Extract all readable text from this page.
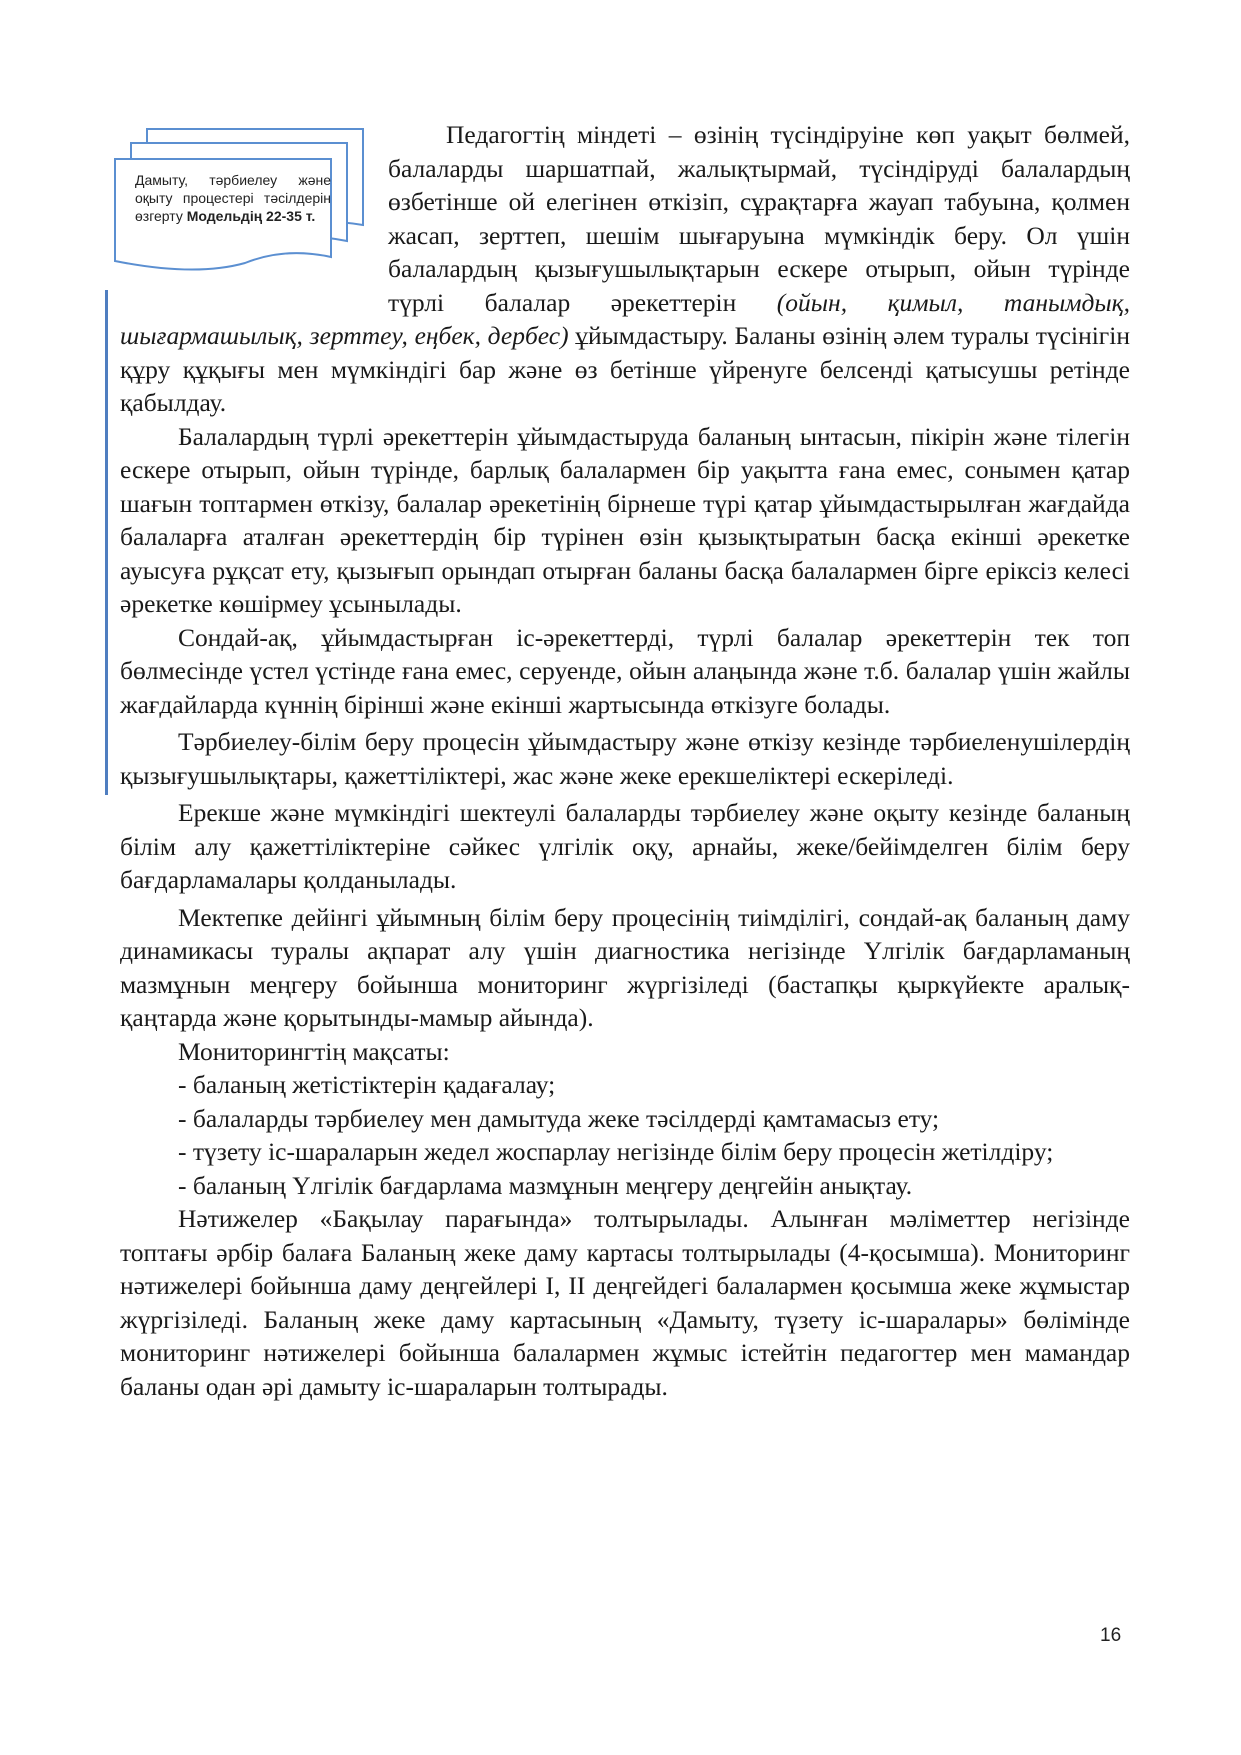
Дамыту, тәрбиелеу және оқыту процестері тәсілдерін өзгерту Модельдің 22-35 т.

Педагогтің міндеті – өзінің түсіндіруіне көп уақыт бөлмей, балаларды шаршатпай, жалықтырмай, түсіндіруді балалардың өзбетінше ой елегінен өткізіп, сұрақтарға жауап табуына, қолмен жасап, зерттеп, шешім шығаруына мүмкіндік беру. Ол үшін балалардың қызығушылықтарын ескере отырып, ойын түрінде түрлі балалар әрекеттерін (ойын, қимыл, танымдық, шығармашылық, зерттеу, еңбек, дербес) ұйымдастыру. Баланы өзінің әлем туралы түсінігін құру құқығы мен мүмкіндігі бар және өз бетінше үйренуге белсенді қатысушы ретінде қабылдау.

Балалардың түрлі әрекеттерін ұйымдастыруда баланың ынтасын, пікірін және тілегін ескере отырып, ойын түрінде, барлық балалармен бір уақытта ғана емес, сонымен қатар шағын топтармен өткізу, балалар әрекетінің бірнеше түрі қатар ұйымдастырылған жағдайда балаларға аталған әрекеттердің бір түрінен өзін қызықтыратын басқа екінші әрекетке ауысуға рұқсат ету, қызығып орындап отырған баланы басқа балалармен бірге еріксіз келесі әрекетке көшірмеу ұсынылады.

Сондай-ақ, ұйымдастырған іс-әрекеттерді, түрлі балалар әрекеттерін тек топ бөлмесінде үстел үстінде ғана емес, серуенде, ойын алаңында және т.б. балалар үшін жайлы жағдайларда күннің бірінші және екінші жартысында өткізуге болады.

Тәрбиелеу-білім беру процесін ұйымдастыру және өткізу кезінде тәрбиеленушілердің қызығушылықтары, қажеттіліктері, жас және жеке ерекшеліктері ескеріледі.

Ерекше және мүмкіндігі шектеулі балаларды тәрбиелеу және оқыту кезінде баланың білім алу қажеттіліктеріне сәйкес үлгілік оқу, арнайы, жеке/бейімделген білім беру бағдарламалары қолданылады.

Мектепке дейінгі ұйымның білім беру процесінің тиімділігі, сондай-ақ баланың даму динамикасы туралы ақпарат алу үшін диагностика негізінде Үлгілік бағдарламаның мазмұнын меңгеру бойынша мониторинг жүргізіледі (бастапқы қыркүйекте аралық-қаңтарда және қорытынды-мамыр айында).

Мониторингтің мақсаты:

- баланың жетістіктерін қадағалау;

- балаларды тәрбиелеу мен дамытуда жеке тәсілдерді қамтамасыз ету;

- түзету іс-шараларын жедел жоспарлау негізінде білім беру процесін жетілдіру;

- баланың Үлгілік бағдарлама мазмұнын меңгеру деңгейін анықтау.

Нәтижелер «Бақылау парағында» толтырылады. Алынған мәліметтер негізінде топтағы әрбір балаға Баланың жеке даму картасы толтырылады (4-қосымша). Мониторинг нәтижелері бойынша даму деңгейлері I, II деңгейдегі балалармен қосымша жеке жұмыстар жүргізіледі. Баланың жеке даму картасының «Дамыту, түзету іс-шаралары» бөлімінде мониторинг нәтижелері бойынша балалармен жұмыс істейтін педагогтер мен мамандар баланы одан әрі дамыту іс-шараларын толтырады.

16
